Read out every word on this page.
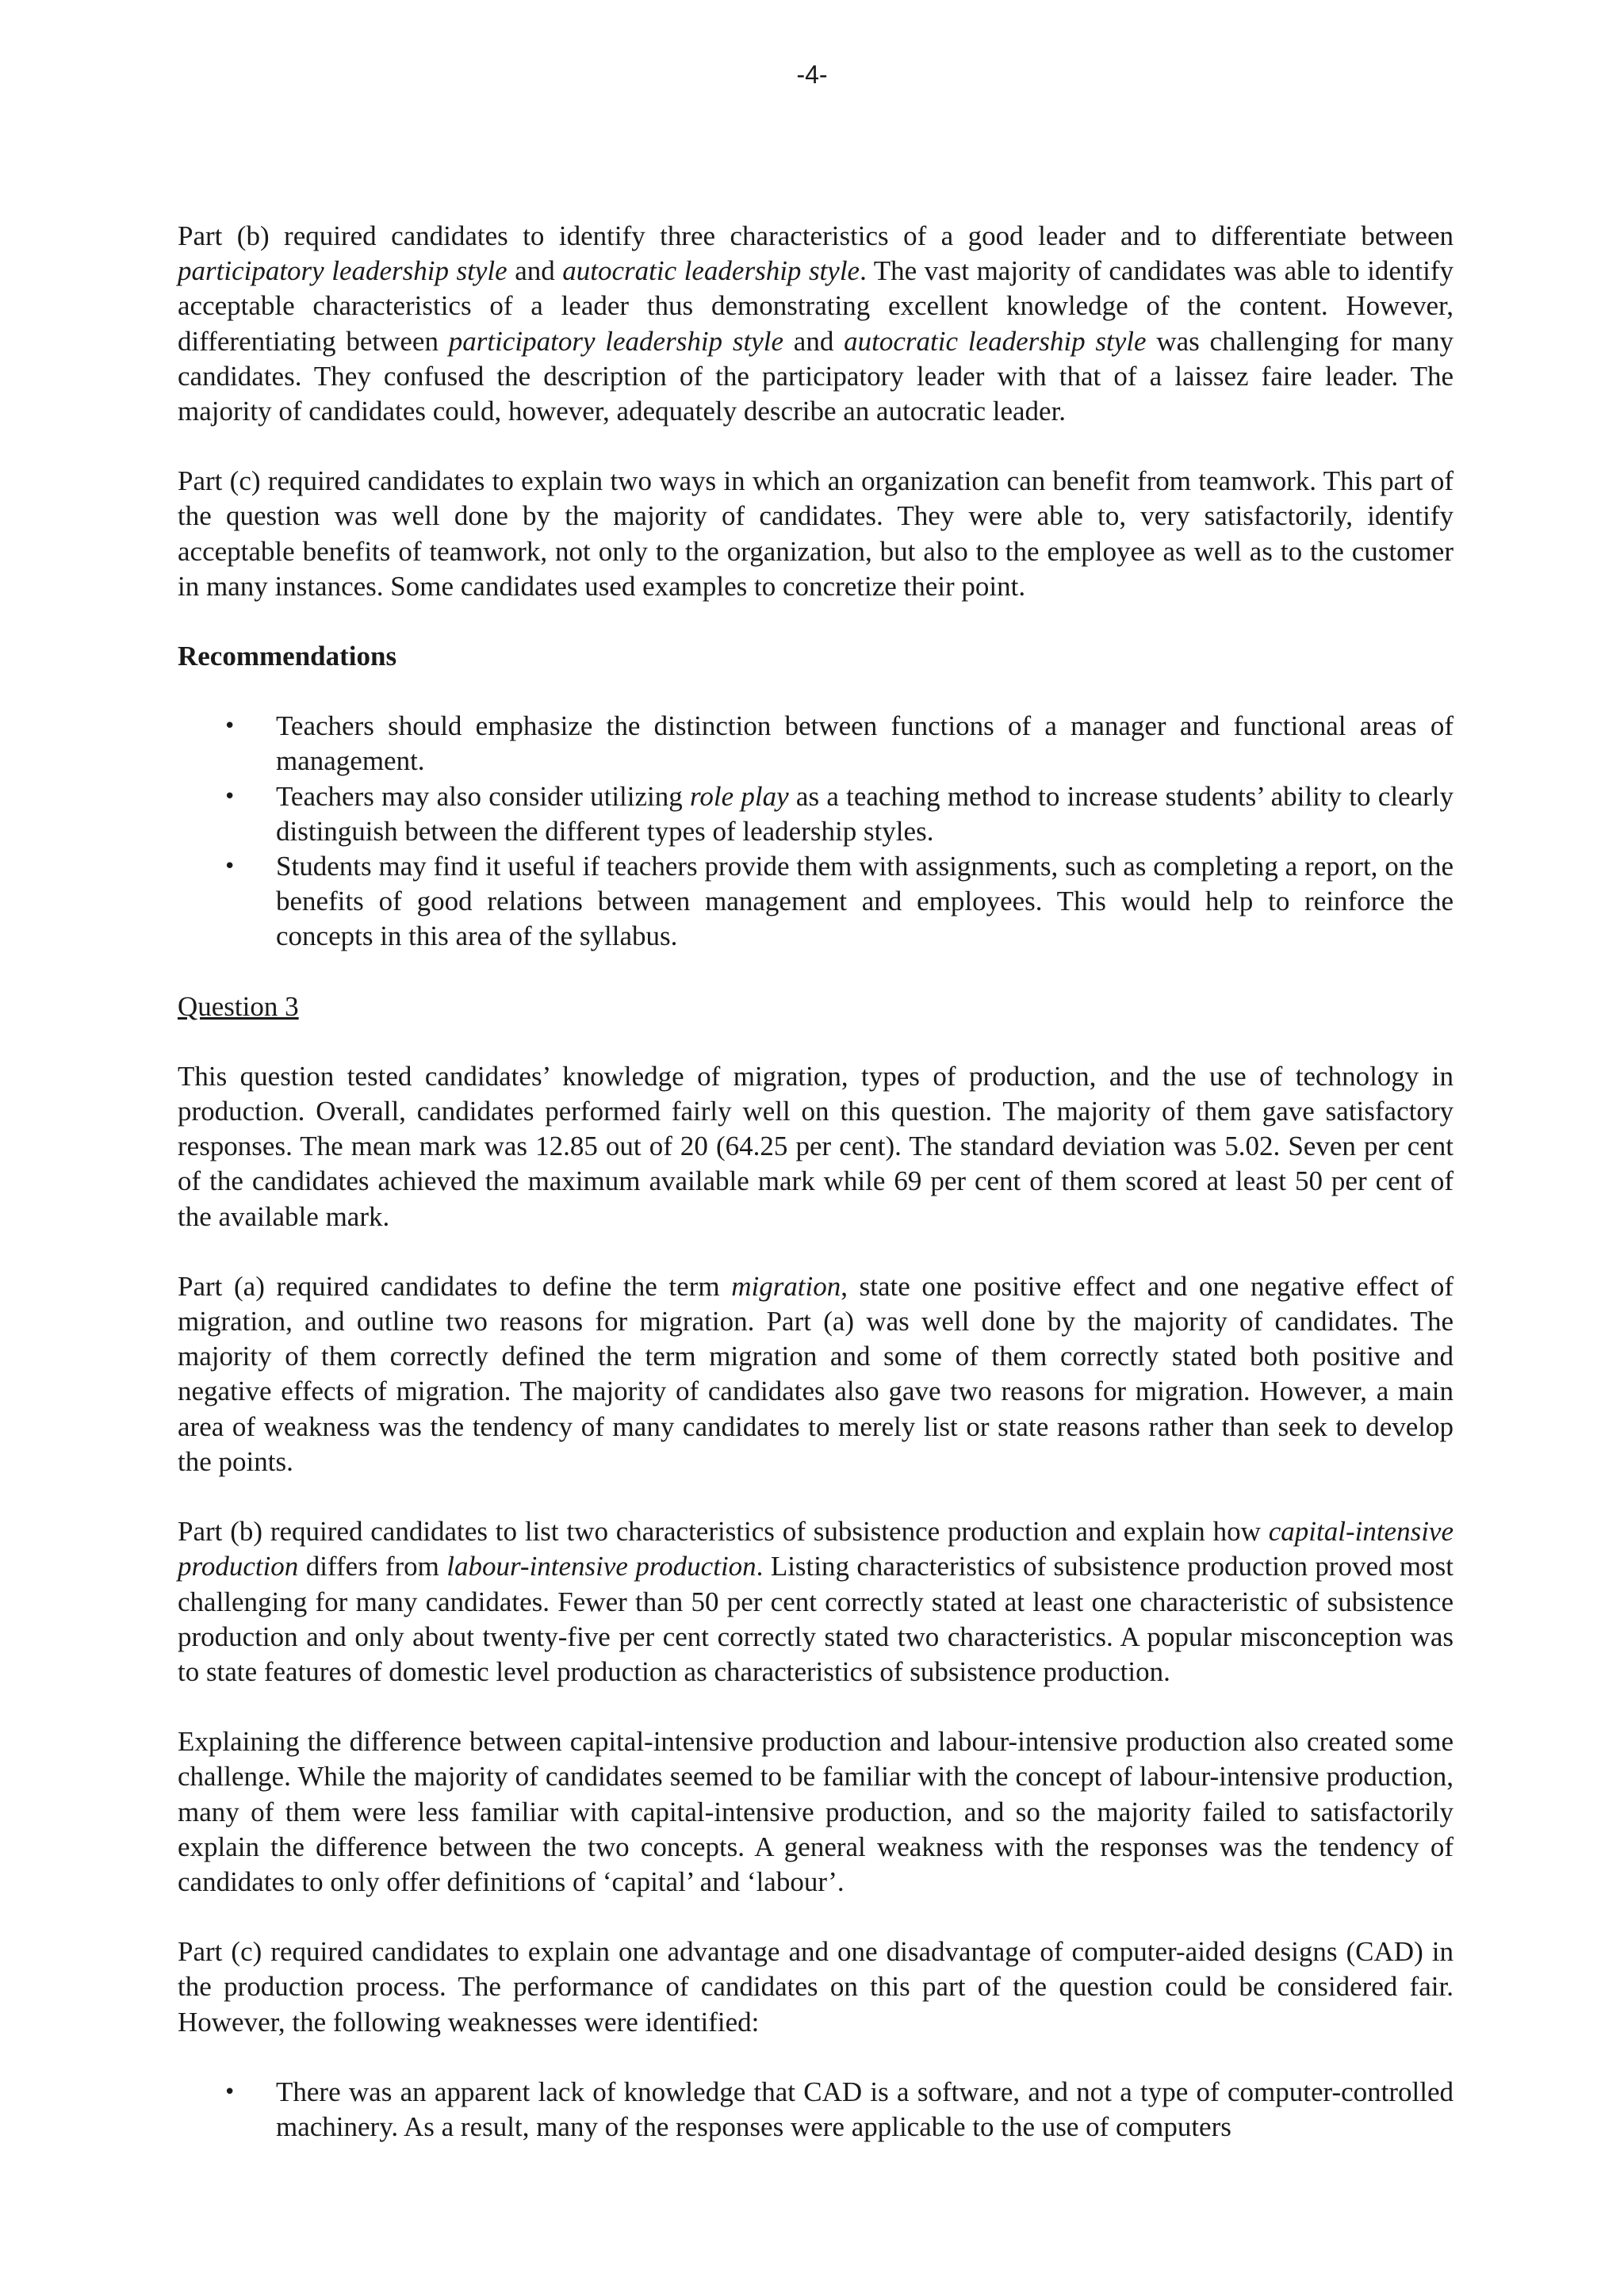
-4-

Part (b) required candidates to identify three characteristics of a good leader and to differentiate between participatory leadership style and autocratic leadership style. The vast majority of candidates was able to identify acceptable characteristics of a leader thus demonstrating excellent knowledge of the content. However, differentiating between participatory leadership style and autocratic leadership style was challenging for many candidates. They confused the description of the participatory leader with that of a laissez faire leader. The majority of candidates could, however, adequately describe an autocratic leader.

Part (c) required candidates to explain two ways in which an organization can benefit from teamwork. This part of the question was well done by the majority of candidates. They were able to, very satisfactorily, identify acceptable benefits of teamwork, not only to the organization, but also to the employee as well as to the customer in many instances. Some candidates used examples to concretize their point.

Recommendations
• Teachers should emphasize the distinction between functions of a manager and functional areas of management.
• Teachers may also consider utilizing role play as a teaching method to increase students’ ability to clearly distinguish between the different types of leadership styles.
• Students may find it useful if teachers provide them with assignments, such as completing a report, on the benefits of good relations between management and employees. This would help to reinforce the concepts in this area of the syllabus.
Question 3

This question tested candidates’ knowledge of migration, types of production, and the use of technology in production. Overall, candidates performed fairly well on this question. The majority of them gave satisfactory responses. The mean mark was 12.85 out of 20 (64.25 per cent). The standard deviation was 5.02. Seven per cent of the candidates achieved the maximum available mark while 69 per cent of them scored at least 50 per cent of the available mark.

Part (a) required candidates to define the term migration, state one positive effect and one negative effect of migration, and outline two reasons for migration. Part (a) was well done by the majority of candidates. The majority of them correctly defined the term migration and some of them correctly stated both positive and negative effects of migration. The majority of candidates also gave two reasons for migration. However, a main area of weakness was the tendency of many candidates to merely list or state reasons rather than seek to develop the points.

Part (b) required candidates to list two characteristics of subsistence production and explain how capital-intensive production differs from labour-intensive production. Listing characteristics of subsistence production proved most challenging for many candidates. Fewer than 50 per cent correctly stated at least one characteristic of subsistence production and only about twenty-five per cent correctly stated two characteristics. A popular misconception was to state features of domestic level production as characteristics of subsistence production.

Explaining the difference between capital-intensive production and labour-intensive production also created some challenge. While the majority of candidates seemed to be familiar with the concept of labour-intensive production, many of them were less familiar with capital-intensive production, and so the majority failed to satisfactorily explain the difference between the two concepts. A general weakness with the responses was the tendency of candidates to only offer definitions of ‘capital’ and ‘labour’.

Part (c) required candidates to explain one advantage and one disadvantage of computer-aided designs (CAD) in the production process. The performance of candidates on this part of the question could be considered fair. However, the following weaknesses were identified:

• There was an apparent lack of knowledge that CAD is a software, and not a type of computer-controlled machinery. As a result, many of the responses were applicable to the use of computers
